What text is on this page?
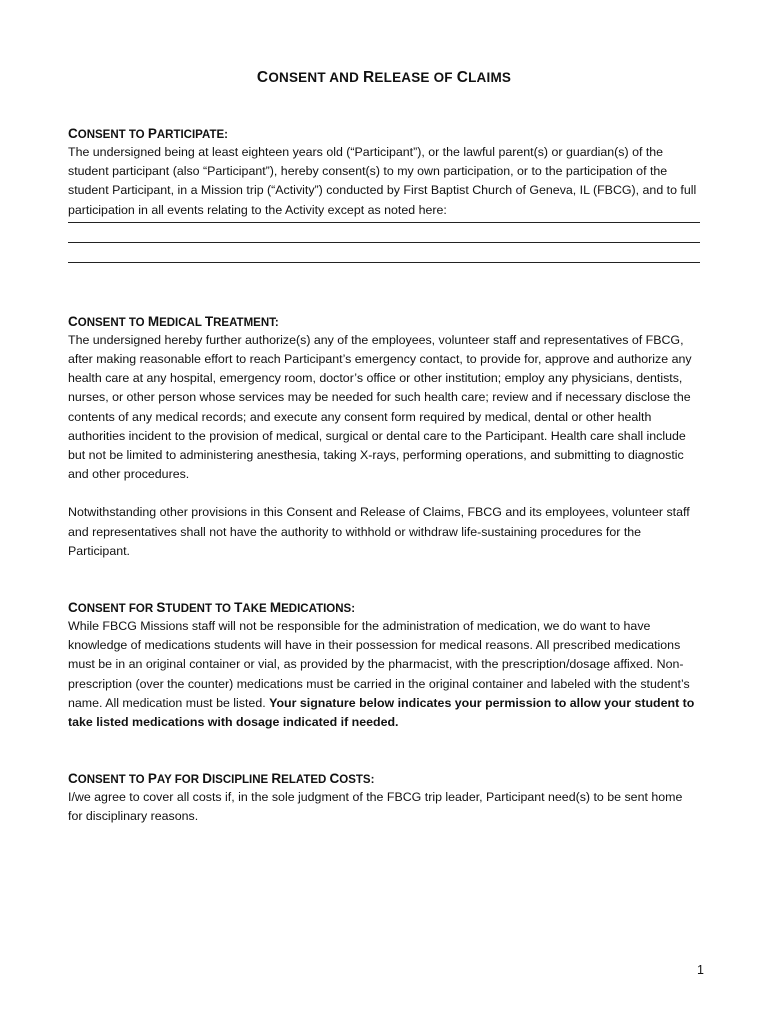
CONSENT AND RELEASE OF CLAIMS
CONSENT TO PARTICIPATE:

The undersigned being at least eighteen years old (“Participant”), or the lawful parent(s) or guardian(s) of the student participant (also “Participant”), hereby consent(s) to my own participation, or to the participation of the student Participant, in a Mission trip (“Activity”) conducted by First Baptist Church of Geneva, IL (FBCG), and to full participation in all events relating to the Activity except as noted here:

CONSENT TO MEDICAL TREATMENT:

The undersigned hereby further authorize(s) any of the employees, volunteer staff and representatives of FBCG, after making reasonable effort to reach Participant’s emergency contact, to provide for, approve and authorize any health care at any hospital, emergency room, doctor’s office or other institution; employ any physicians, dentists, nurses, or other person whose services may be needed for such health care; review and if necessary disclose the contents of any medical records; and execute any consent form required by medical, dental or other health authorities incident to the provision of medical, surgical or dental care to the Participant. Health care shall include but not be limited to administering anesthesia, taking X-rays, performing operations, and submitting to diagnostic and other procedures.

Notwithstanding other provisions in this Consent and Release of Claims, FBCG and its employees, volunteer staff and representatives shall not have the authority to withhold or withdraw life-sustaining procedures for the Participant.

CONSENT FOR STUDENT TO TAKE MEDICATIONS:

While FBCG Missions staff will not be responsible for the administration of medication, we do want to have knowledge of medications students will have in their possession for medical reasons. All prescribed medications must be in an original container or vial, as provided by the pharmacist, with the prescription/dosage affixed. Non-prescription (over the counter) medications must be carried in the original container and labeled with the student’s name. All medication must be listed. Your signature below indicates your permission to allow your student to take listed medications with dosage indicated if needed.

CONSENT TO PAY FOR DISCIPLINE RELATED COSTS:

I/we agree to cover all costs if, in the sole judgment of the FBCG trip leader, Participant need(s) to be sent home for disciplinary reasons.

1
